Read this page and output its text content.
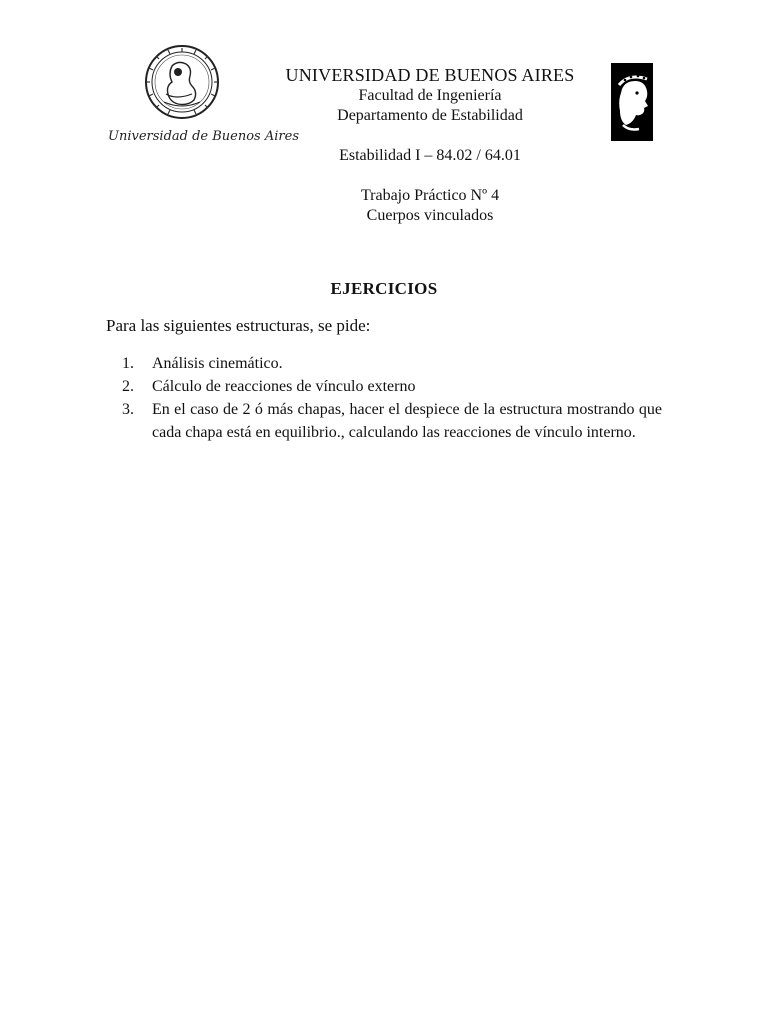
Universidad de Buenos Aires
UNIVERSIDAD DE BUENOS AIRES
Facultad de Ingeniería
Departamento de Estabilidad
Estabilidad I – 84.02 / 64.01
Trabajo Práctico Nº 4
Cuerpos vinculados
EJERCICIOS
Para las siguientes estructuras, se pide:
1.	Análisis cinemático.
2.	Cálculo de reacciones de vínculo externo
3.	En el caso de 2 ó más chapas, hacer el despiece de la estructura mostrando que cada chapa está en equilibrio., calculando las reacciones de vínculo interno.
